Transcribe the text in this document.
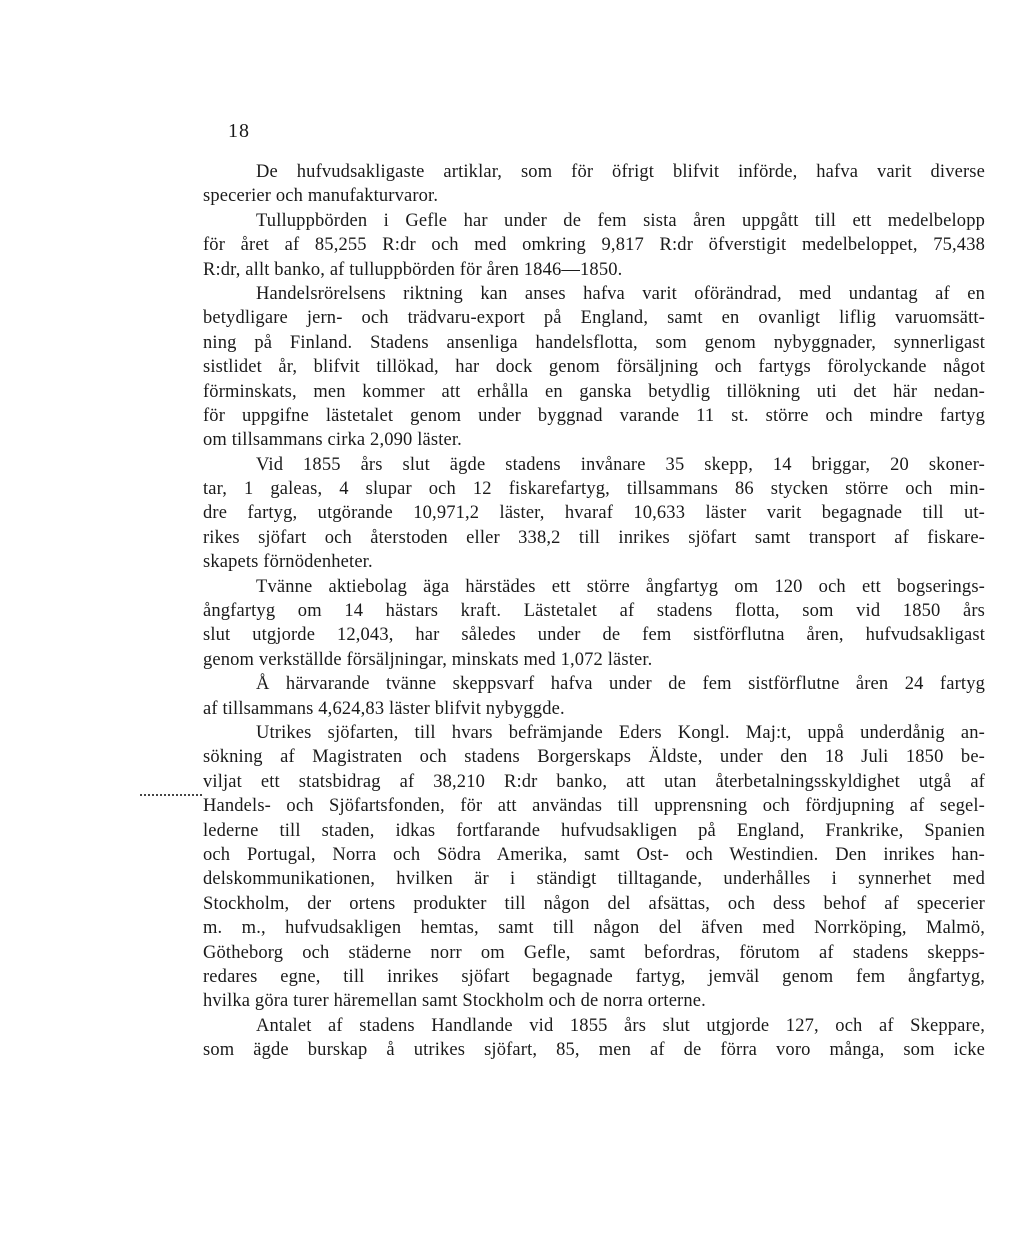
18
De hufvudsakligaste artiklar, som för öfrigt blifvit införde, hafva varit diverse
specerier och manufakturvaror.
Tulluppbörden i Gefle har under de fem sista åren uppgått till ett medelbelopp
för året af 85,255 R:dr och med omkring 9,817 R:dr öfverstigit medelbeloppet, 75,438
R:dr, allt banko, af tulluppbörden för åren 1846—1850.
Handelsrörelsens riktning kan anses hafva varit oförändrad, med undantag af en
betydligare jern- och trädvaru-export på England, samt en ovanligt liflig varuomsätt-
ning på Finland. Stadens ansenliga handelsflotta, som genom nybyggnader, synnerligast
sistlidet år, blifvit tillökad, har dock genom försäljning och fartygs förolyckande något
förminskats, men kommer att erhålla en ganska betydlig tillökning uti det här nedan-
för uppgifne lästetalet genom under byggnad varande 11 st. större och mindre fartyg
om tillsammans cirka 2,090 läster.
Vid 1855 års slut ägde stadens invånare 35 skepp, 14 briggar, 20 skoner-
tar, 1 galeas, 4 slupar och 12 fiskarefartyg, tillsammans 86 stycken större och min-
dre fartyg, utgörande 10,971,2 läster, hvaraf 10,633 läster varit begagnade till ut-
rikes sjöfart och återstoden eller 338,2 till inrikes sjöfart samt transport af fiskare-
skapets förnödenheter.
Tvänne aktiebolag äga härstädes ett större ångfartyg om 120 och ett bogserings-
ångfartyg om 14 hästars kraft. Lästetalet af stadens flotta, som vid 1850 års
slut utgjorde 12,043, har således under de fem sistförflutna åren, hufvudsakligast
genom verkställde försäljningar, minskats med 1,072 läster.
Å härvarande tvänne skeppsvarf hafva under de fem sistförflutne åren 24 fartyg
af tillsammans 4,624,83 läster blifvit nybyggde.
Utrikes sjöfarten, till hvars befrämjande Eders Kongl. Maj:t, uppå underdånig an-
sökning af Magistraten och stadens Borgerskaps Äldste, under den 18 Juli 1850 be-
viljat ett statsbidrag af 38,210 R:dr banko, att utan återbetalningsskyldighet utgå af
Handels- och Sjöfartsfonden, för att användas till upprensning och fördjupning af segel-
lederne till staden, idkas fortfarande hufvudsakligen på England, Frankrike, Spanien
och Portugal, Norra och Södra Amerika, samt Ost- och Westindien. Den inrikes han-
delskommunikationen, hvilken är i ständigt tilltagande, underhålles i synnerhet med
Stockholm, der ortens produkter till någon del afsättas, och dess behof af specerier
m. m., hufvudsakligen hemtas, samt till någon del äfven med Norrköping, Malmö,
Götheborg och städerne norr om Gefle, samt befordras, förutom af stadens skepps-
redares egne, till inrikes sjöfart begagnade fartyg, jemväl genom fem ångfartyg,
hvilka göra turer häremellan samt Stockholm och de norra orterne.
Antalet af stadens Handlande vid 1855 års slut utgjorde 127, och af Skeppare,
som ägde burskap å utrikes sjöfart, 85, men af de förra voro många, som icke
